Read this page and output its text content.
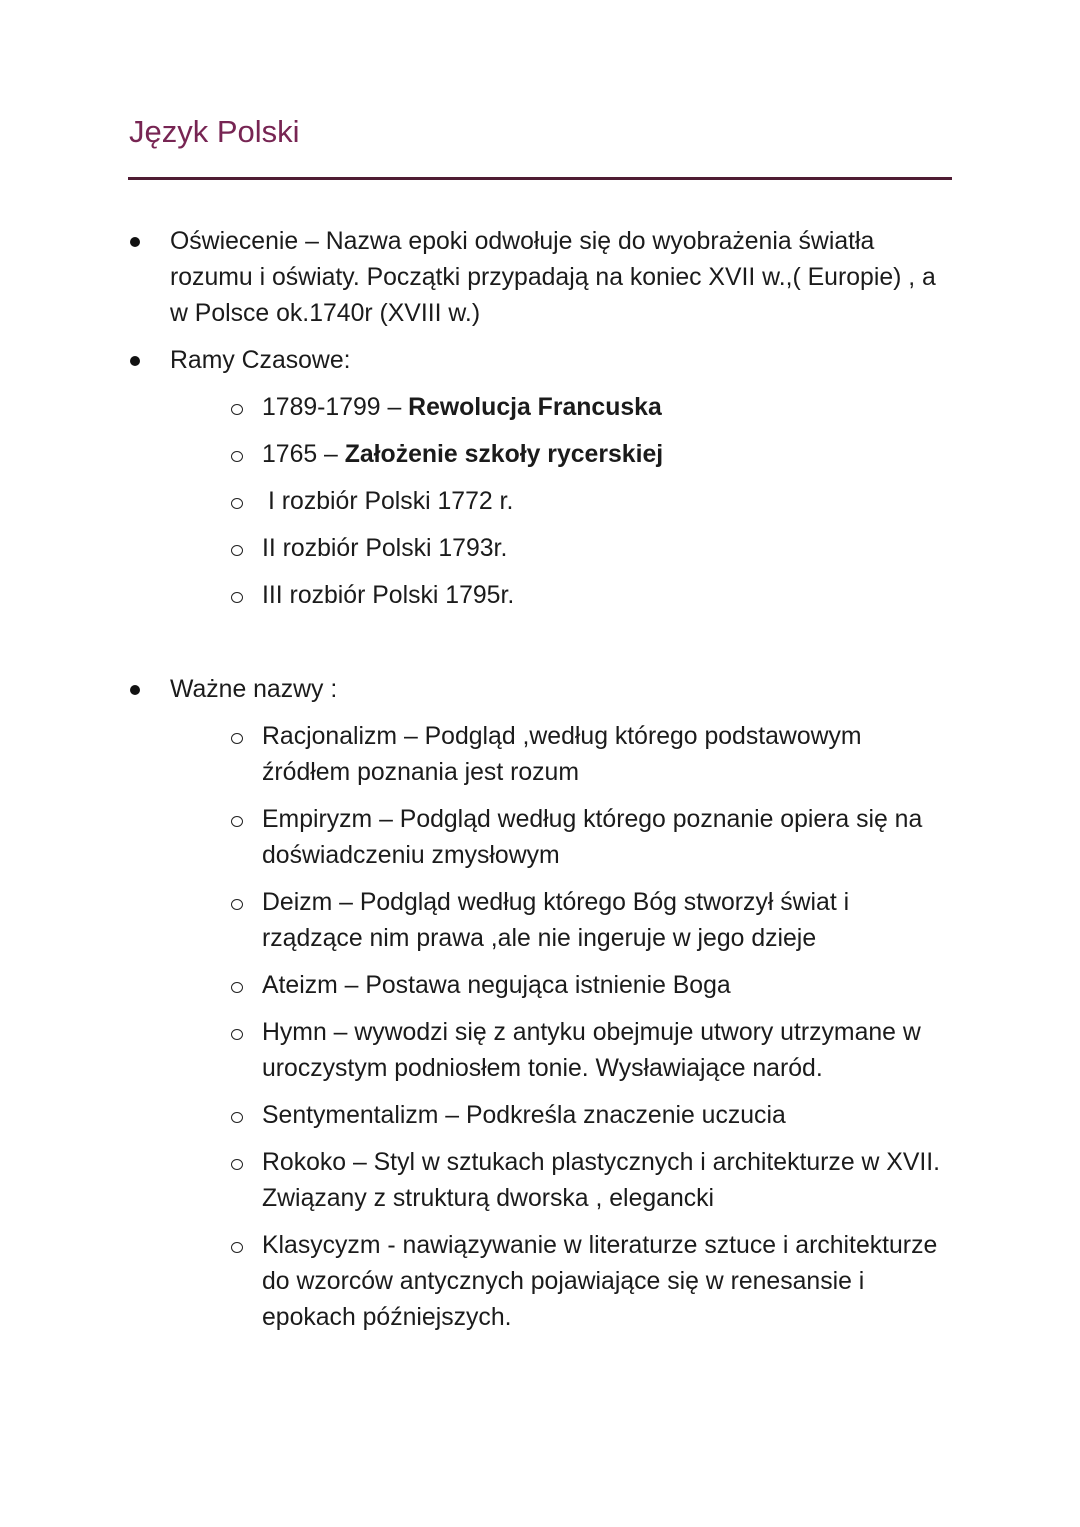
Język Polski
Oświecenie – Nazwa epoki odwołuje się do wyobrażenia światła
rozumu i oświaty. Początki przypadają na koniec XVII w.,( Europie) , a
w Polsce ok.1740r (XVIII w.)
Ramy Czasowe:
1789-1799 – Rewolucja Francuska
1765 – Założenie szkoły rycerskiej
I rozbiór Polski 1772 r.
II rozbiór Polski 1793r.
III rozbiór Polski 1795r.
Ważne nazwy :
Racjonalizm – Podgląd ,według którego podstawowym
źródłem poznania jest rozum
Empiryzm – Podgląd według którego poznanie opiera się na
doświadczeniu zmysłowym
Deizm – Podgląd według którego Bóg stworzył świat i
rządzące nim prawa ,ale nie ingeruje w jego dzieje
Ateizm – Postawa negująca istnienie Boga
Hymn – wywodzi się z antyku obejmuje utwory utrzymane w
uroczystym podniosłem tonie. Wysławiające naród.
Sentymentalizm – Podkreśla znaczenie uczucia
Rokoko – Styl w sztukach plastycznych i architekturze w XVII.
Związany z strukturą dworska , elegancki
Klasycyzm - nawiązywanie w literaturze sztuce i architekturze
do wzorców antycznych pojawiające się w renesansie i
epokach późniejszych.
